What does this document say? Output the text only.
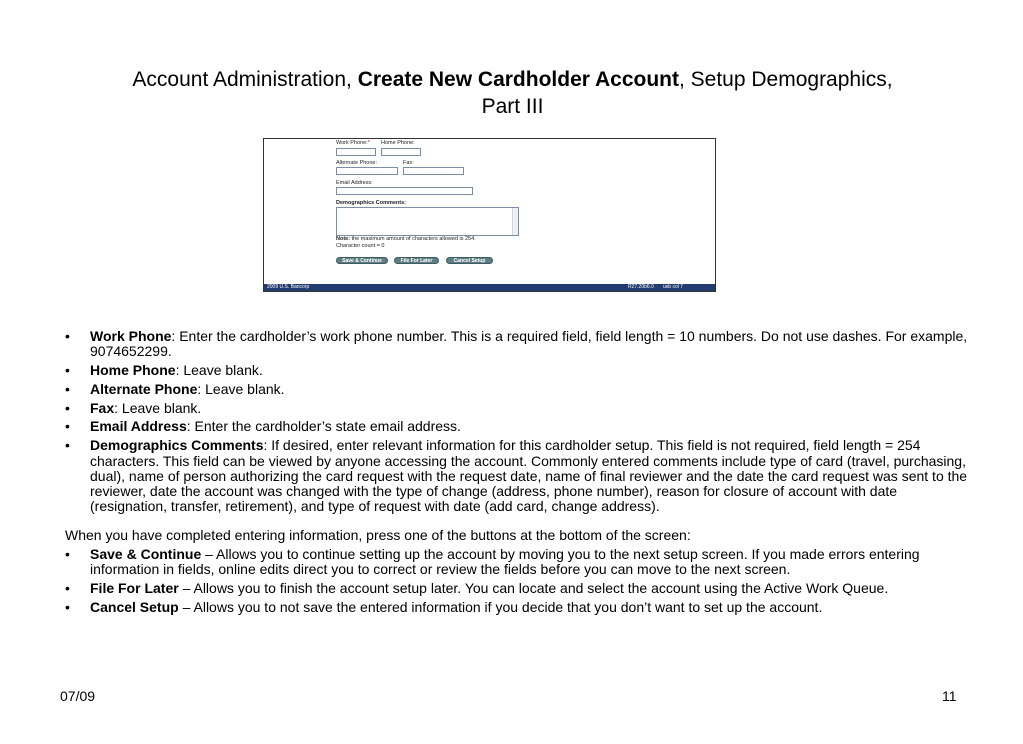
Account Administration, Create New Cardholder Account, Setup Demographics,
Part III
Work Phone:* Home Phone:
Alternate Phone:	Fax:
Email Address:
Demographics Comments:
Note: the maximum amount of characters allowed is 254.
Character count = 0
Save & Continue	File For Later	Cancel Setup
2009 U.S. Bancorp	R27.20b6.0 usb col 7
• Work Phone: Enter the cardholder’s work phone number. This is a required field, field length = 10 numbers. Do not use dashes. For example, 9074652299.
• Home Phone: Leave blank.
• Alternate Phone: Leave blank.
• Fax: Leave blank.
• Email Address: Enter the cardholder’s state email address.
• Demographics Comments: If desired, enter relevant information for this cardholder setup. This field is not required, field length = 254 characters. This field can be viewed by anyone accessing the account. Commonly entered comments include type of card (travel, purchasing, dual), name of person authorizing the card request with the request date, name of final reviewer and the date the card request was sent to the reviewer, date the account was changed with the type of change (address, phone number), reason for closure of account with date (resignation, transfer, retirement), and type of request with date (add card, change address).

When you have completed entering information, press one of the buttons at the bottom of the screen:

• Save & Continue – Allows you to continue setting up the account by moving you to the next setup screen. If you made errors entering information in fields, online edits direct you to correct or review the fields before you can move to the next screen.
• File For Later – Allows you to finish the account setup later. You can locate and select the account using the Active Work Queue.
• Cancel Setup – Allows you to not save the entered information if you decide that you don’t want to set up the account.
07/09	11
